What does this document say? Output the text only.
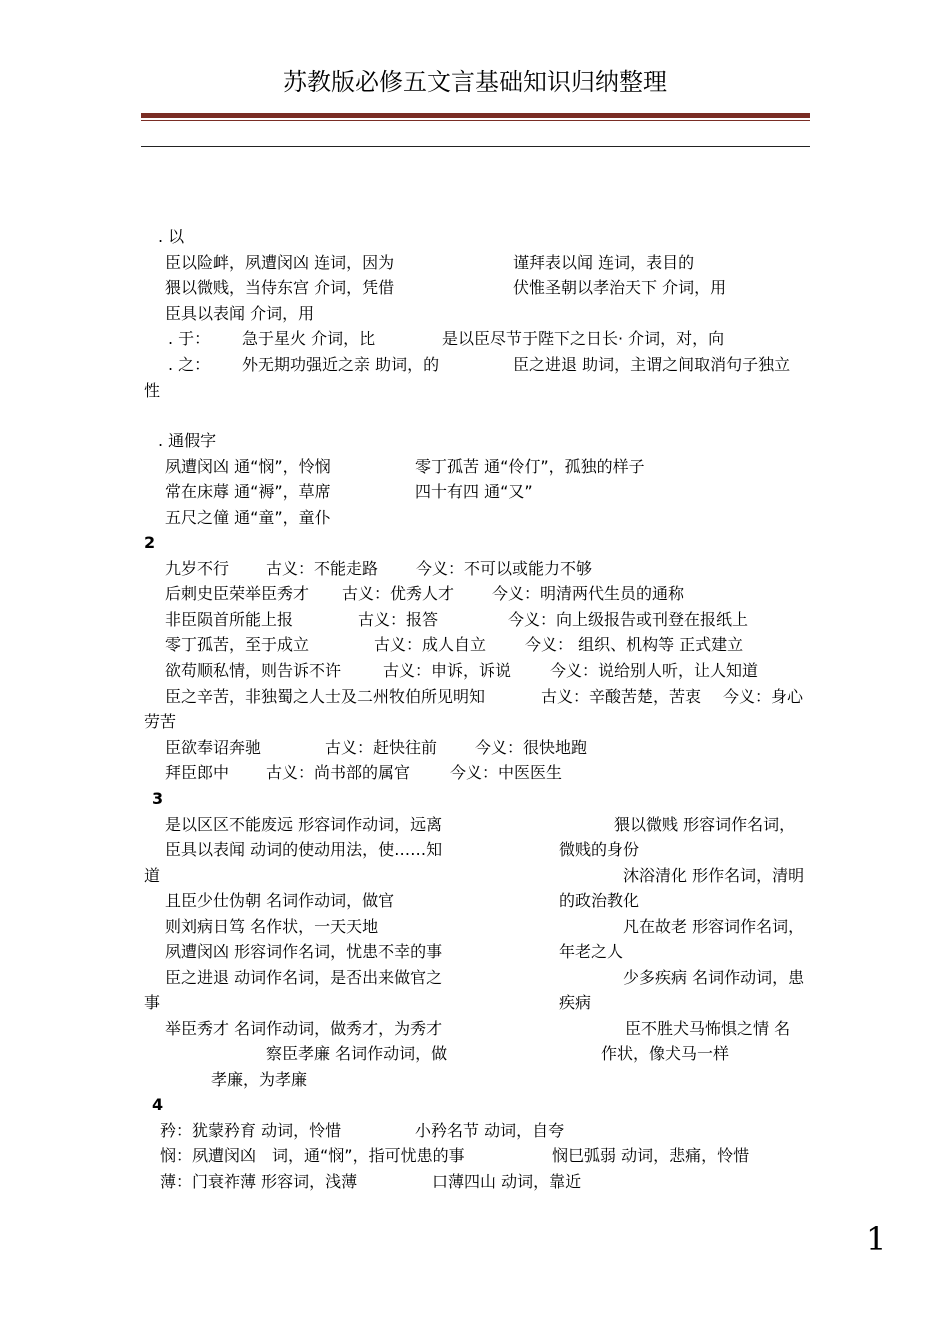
苏教版必修五文言基础知识归纳整理
. 以
臣以险衅，夙遭闵凶 连词，因为	谨拜表以闻 连词，表目的
猥以微贱，当侍东宫 介词，凭借	伏惟圣朝以孝治天下 介词，用
臣具以表闻 介词，用
. 于： 急于星火 介词，比	是以臣尽节于陛下之日长· 介词，对，向
. 之： 外无期功强近之亲 助词，的	臣之进退 助词，主谓之间取消句子独立
性
. 通假字
夙遭闵凶 通“悯”，怜悯	零丁孤苦 通“伶仃”，孤独的样子
常在床蓐 通“褥”，草席	四十有四 通“又”
五尺之僮 通“童”，童仆
2
九岁不行 古义：不能走路 今义：不可以或能力不够
后刺史臣荣举臣秀才 古义：优秀人才 今义：明清两代生员的通称
非臣陨首所能上报	古义：报答	今义：向上级报告或刊登在报纸上
零丁孤苦，至于成立	古义：成人自立 今义： 组织、机构等 正式建立
欲苟顺私情，则告诉不许	古义：申诉，诉说 今义：说给别人听，让人知道
臣之辛苦，非独蜀之人士及二州牧伯所见明知	古义：辛酸苦楚，苦衷 今义：身心
劳苦
臣欲奉诏奔驰	古义：赶快往前 今义：很快地跑
拜臣郎中 古义：尚书部的属官 今义：中医医生
3
是以区区不能废远 形容词作动词，远离
臣具以表闻 动词的使动用法，使……知
道
且臣少仕伪朝 名词作动词，做官
则刘病日笃 名作状，一天天地
夙遭闵凶 形容词作名词，忧患不幸的事
臣之进退 动词作名词，是否出来做官之
事
举臣秀才 名词作动词，做秀才，为秀才
察臣孝廉 名词作动词，做
孝廉，为孝廉
猥以微贱 形容词作名词，
微贱的身份
沐浴清化 形作名词，清明
的政治教化
凡在故老 形容词作名词，
年老之人
少多疾病 名词作动词，患
疾病
臣不胜犬马怖惧之情 名
作状，像犬马一样
4
矜：犹蒙矜育 动词，怜惜	小矜名节 动词，自夸
悯：夙遭闵凶　词，通“悯”，指可忧患的事	悯巳弧弱 动词，悲痛，怜惜
薄：门衰祚薄 形容词，浅薄	口薄四山 动词，靠近
1
